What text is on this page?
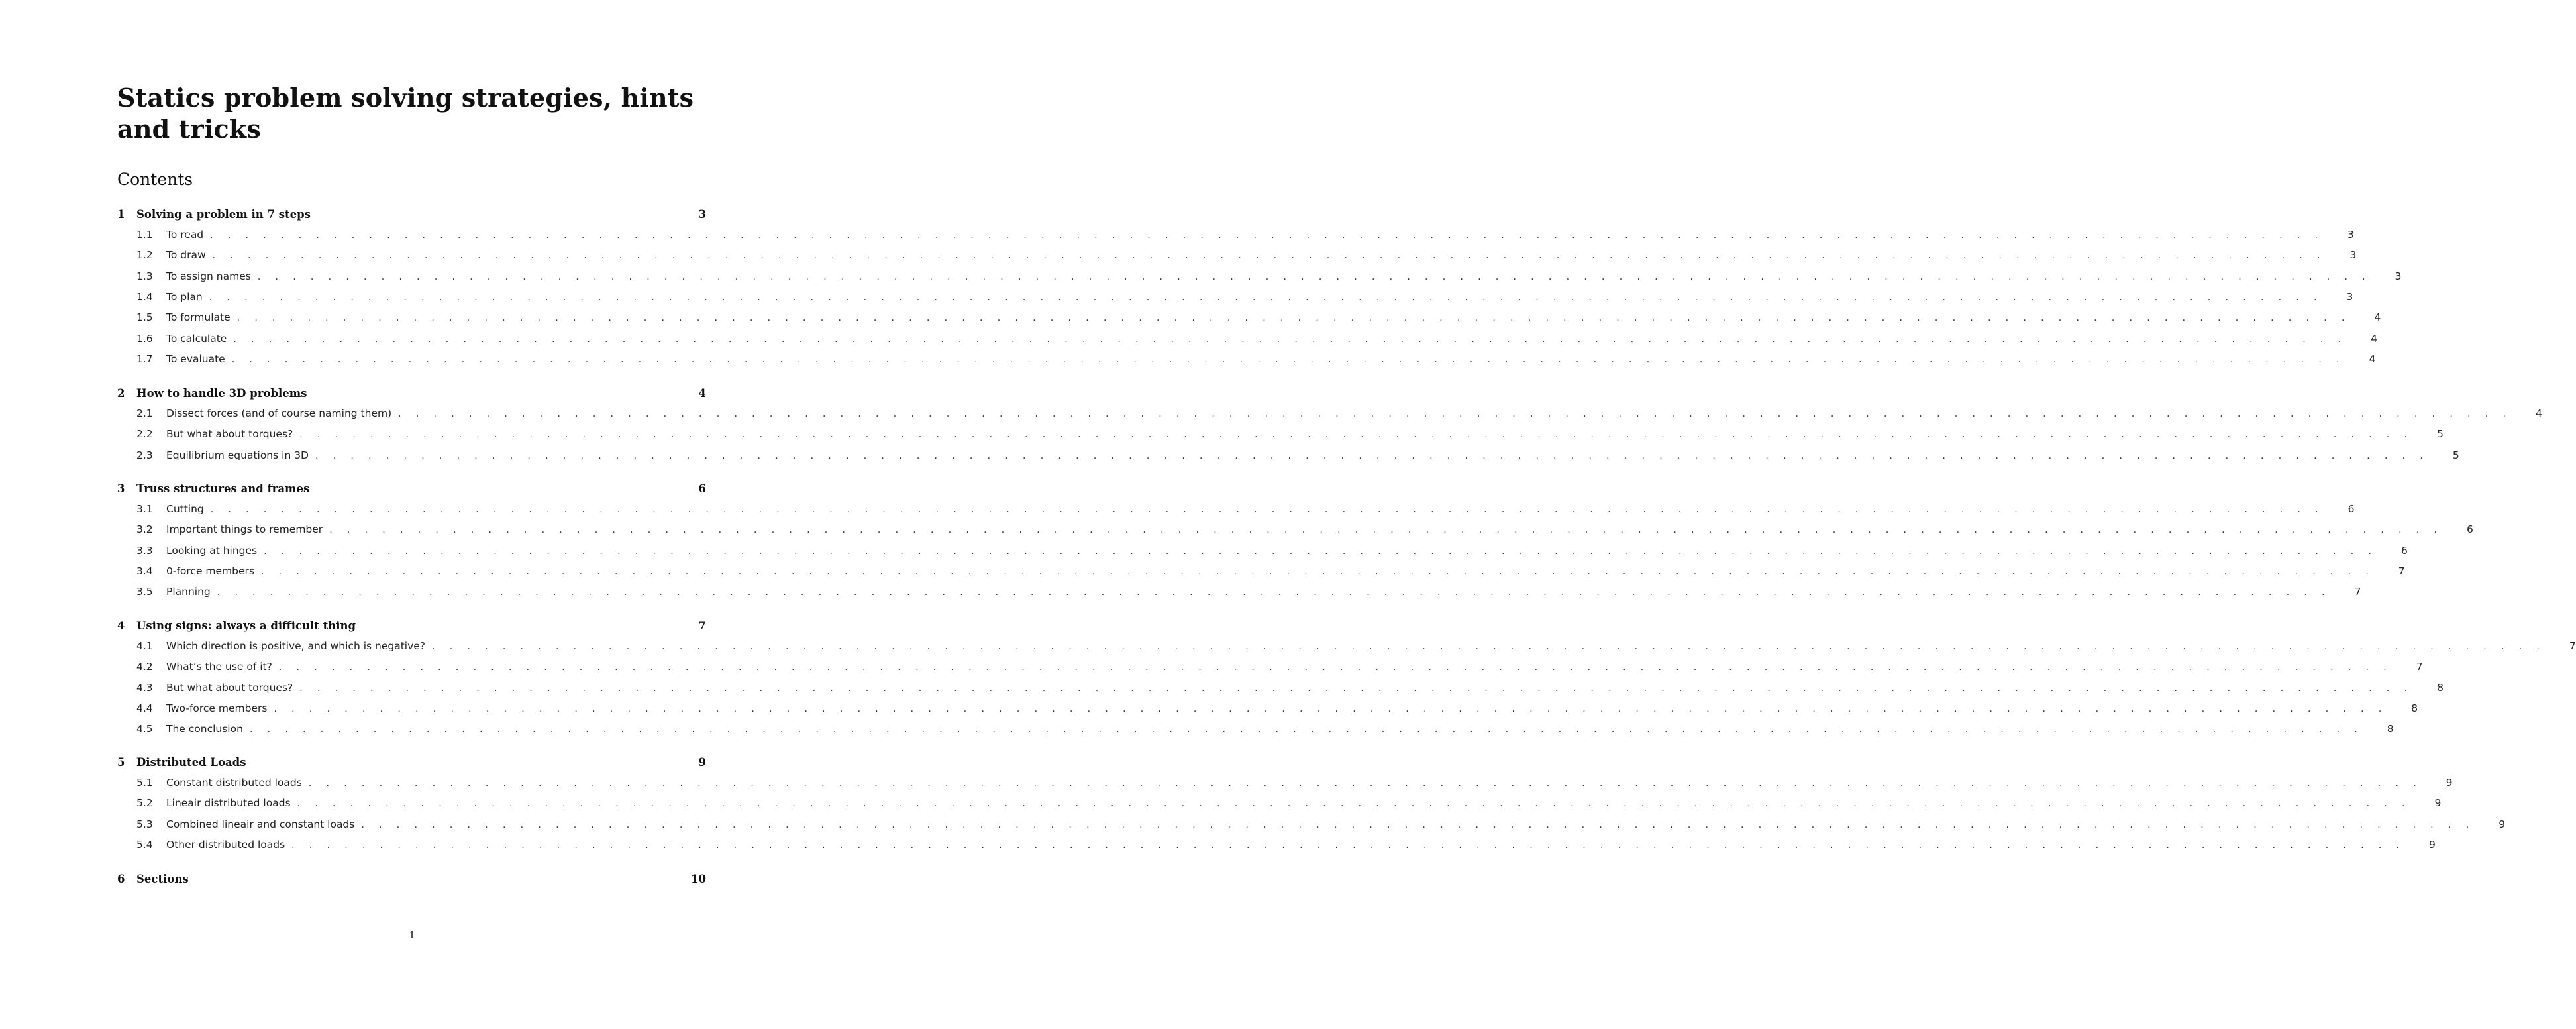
Statics problem solving strategies, hints and tricks
Contents
1	Solving a problem in 7 steps	3
1.1	To read . . . . . . . . . . . . . . . . . . . . . . . . . . . . . . . . . . . . . . . . . . . . . . . . . . . . . . . . . . . . . . . . . . . . . . . . . . . . . . . . . . . . . . . . . . . . . . . . . . . . . . . . . . . . . . . . . . . . . . . .	3
1.2	To draw . . . . . . . . . . . . . . . . . . . . . . . . . . . . . . . . . . . . . . . . . . . . . . . . . . . . . . . . . . . . . . . . . . . . . . . . . . . . . . . . . . . . . . . . . . . . . . . . . . . . . . . . . . . . . . . . . . . . . . . .	3
1.3	To assign names . . . . . . . . . . . . . . . . . . . . . . . . . . . . . . . . . . . . . . . . . . . . . . . . . . . . . . . . . . . . . . . . . . . . . . . . . . . . . . . . . . . . . . . . . . . . . . . . . . . . . . . . . . . . . . . . . . . . . . . .	3
1.4	To plan . . . . . . . . . . . . . . . . . . . . . . . . . . . . . . . . . . . . . . . . . . . . . . . . . . . . . . . . . . . . . . . . . . . . . . . . . . . . . . . . . . . . . . . . . . . . . . . . . . . . . . . . . . . . . . . . . . . . . . . .	3
1.5	To formulate . . . . . . . . . . . . . . . . . . . . . . . . . . . . . . . . . . . . . . . . . . . . . . . . . . . . . . . . . . . . . . . . . . . . . . . . . . . . . . . . . . . . . . . . . . . . . . . . . . . . . . . . . . . . . . . . . . . . . . . .	4
1.6	To calculate . . . . . . . . . . . . . . . . . . . . . . . . . . . . . . . . . . . . . . . . . . . . . . . . . . . . . . . . . . . . . . . . . . . . . . . . . . . . . . . . . . . . . . . . . . . . . . . . . . . . . . . . . . . . . . . . . . . . . . . .	4
1.7	To evaluate . . . . . . . . . . . . . . . . . . . . . . . . . . . . . . . . . . . . . . . . . . . . . . . . . . . . . . . . . . . . . . . . . . . . . . . . . . . . . . . . . . . . . . . . . . . . . . . . . . . . . . . . . . . . . . . . . . . . . . . .	4
2	How to handle 3D problems	4
2.1	Dissect forces (and of course naming them) . . . . . . . . . . . . . . . . . . . . . . . . . . . . . . . . . . . . . . . . . . . . . . . . . . . . . . . . . . . . . . . . . . . . . . . . . . . . . . . . . . . . . . . . . . . . . . . . . . . . . . . . . . . . . . . . . . . . . . . .	4
2.2	But what about torques? . . . . . . . . . . . . . . . . . . . . . . . . . . . . . . . . . . . . . . . . . . . . . . . . . . . . . . . . . . . . . . . . . . . . . . . . . . . . . . . . . . . . . . . . . . . . . . . . . . . . . . . . . . . . . . . . . . . . . . . .	5
2.3	Equilibrium equations in 3D . . . . . . . . . . . . . . . . . . . . . . . . . . . . . . . . . . . . . . . . . . . . . . . . . . . . . . . . . . . . . . . . . . . . . . . . . . . . . . . . . . . . . . . . . . . . . . . . . . . . . . . . . . . . . . . . . . . . . . . .	5
3	Truss structures and frames	6
3.1	Cutting . . . . . . . . . . . . . . . . . . . . . . . . . . . . . . . . . . . . . . . . . . . . . . . . . . . . . . . . . . . . . . . . . . . . . . . . . . . . . . . . . . . . . . . . . . . . . . . . . . . . . . . . . . . . . . . . . . . . . . . .	6
3.2	Important things to remember . . . . . . . . . . . . . . . . . . . . . . . . . . . . . . . . . . . . . . . . . . . . . . . . . . . . . . . . . . . . . . . . . . . . . . . . . . . . . . . . . . . . . . . . . . . . . . . . . . . . . . . . . . . . . . . . . . . . . . . .	6
3.3	Looking at hinges . . . . . . . . . . . . . . . . . . . . . . . . . . . . . . . . . . . . . . . . . . . . . . . . . . . . . . . . . . . . . . . . . . . . . . . . . . . . . . . . . . . . . . . . . . . . . . . . . . . . . . . . . . . . . . . . . . . . . . . .	6
3.4	0-force members . . . . . . . . . . . . . . . . . . . . . . . . . . . . . . . . . . . . . . . . . . . . . . . . . . . . . . . . . . . . . . . . . . . . . . . . . . . . . . . . . . . . . . . . . . . . . . . . . . . . . . . . . . . . . . . . . . . . . . . .	7
3.5	Planning . . . . . . . . . . . . . . . . . . . . . . . . . . . . . . . . . . . . . . . . . . . . . . . . . . . . . . . . . . . . . . . . . . . . . . . . . . . . . . . . . . . . . . . . . . . . . . . . . . . . . . . . . . . . . . . . . . . . . . . .	7
4	Using signs: always a difficult thing	7
4.1	Which direction is positive, and which is negative? . . . . . . . . . . . . . . . . . . . . . . . . . . . . . . . . . . . . . . . . . . . . . . . . . . . . . . . . . . . . . . . . . . . . . . . . . . . . . . . . . . . . . . . . . . . . . . . . . . . . . . . . . . . . . . . . . . . . . . . .	7
4.2	What’s the use of it? . . . . . . . . . . . . . . . . . . . . . . . . . . . . . . . . . . . . . . . . . . . . . . . . . . . . . . . . . . . . . . . . . . . . . . . . . . . . . . . . . . . . . . . . . . . . . . . . . . . . . . . . . . . . . . . . . . . . . . . .	7
4.3	But what about torques? . . . . . . . . . . . . . . . . . . . . . . . . . . . . . . . . . . . . . . . . . . . . . . . . . . . . . . . . . . . . . . . . . . . . . . . . . . . . . . . . . . . . . . . . . . . . . . . . . . . . . . . . . . . . . . . . . . . . . . . .	8
4.4	Two-force members . . . . . . . . . . . . . . . . . . . . . . . . . . . . . . . . . . . . . . . . . . . . . . . . . . . . . . . . . . . . . . . . . . . . . . . . . . . . . . . . . . . . . . . . . . . . . . . . . . . . . . . . . . . . . . . . . . . . . . . .	8
4.5	The conclusion . . . . . . . . . . . . . . . . . . . . . . . . . . . . . . . . . . . . . . . . . . . . . . . . . . . . . . . . . . . . . . . . . . . . . . . . . . . . . . . . . . . . . . . . . . . . . . . . . . . . . . . . . . . . . . . . . . . . . . . .	8
5	Distributed Loads	9
5.1	Constant distributed loads . . . . . . . . . . . . . . . . . . . . . . . . . . . . . . . . . . . . . . . . . . . . . . . . . . . . . . . . . . . . . . . . . . . . . . . . . . . . . . . . . . . . . . . . . . . . . . . . . . . . . . . . . . . . . . . . . . . . . . . .	9
5.2	Lineair distributed loads . . . . . . . . . . . . . . . . . . . . . . . . . . . . . . . . . . . . . . . . . . . . . . . . . . . . . . . . . . . . . . . . . . . . . . . . . . . . . . . . . . . . . . . . . . . . . . . . . . . . . . . . . . . . . . . . . . . . . . . .	9
5.3	Combined lineair and constant loads . . . . . . . . . . . . . . . . . . . . . . . . . . . . . . . . . . . . . . . . . . . . . . . . . . . . . . . . . . . . . . . . . . . . . . . . . . . . . . . . . . . . . . . . . . . . . . . . . . . . . . . . . . . . . . . . . . . . . . . .	9
5.4	Other distributed loads . . . . . . . . . . . . . . . . . . . . . . . . . . . . . . . . . . . . . . . . . . . . . . . . . . . . . . . . . . . . . . . . . . . . . . . . . . . . . . . . . . . . . . . . . . . . . . . . . . . . . . . . . . . . . . . . . . . . . . . .	9
6	Sections	10
1
